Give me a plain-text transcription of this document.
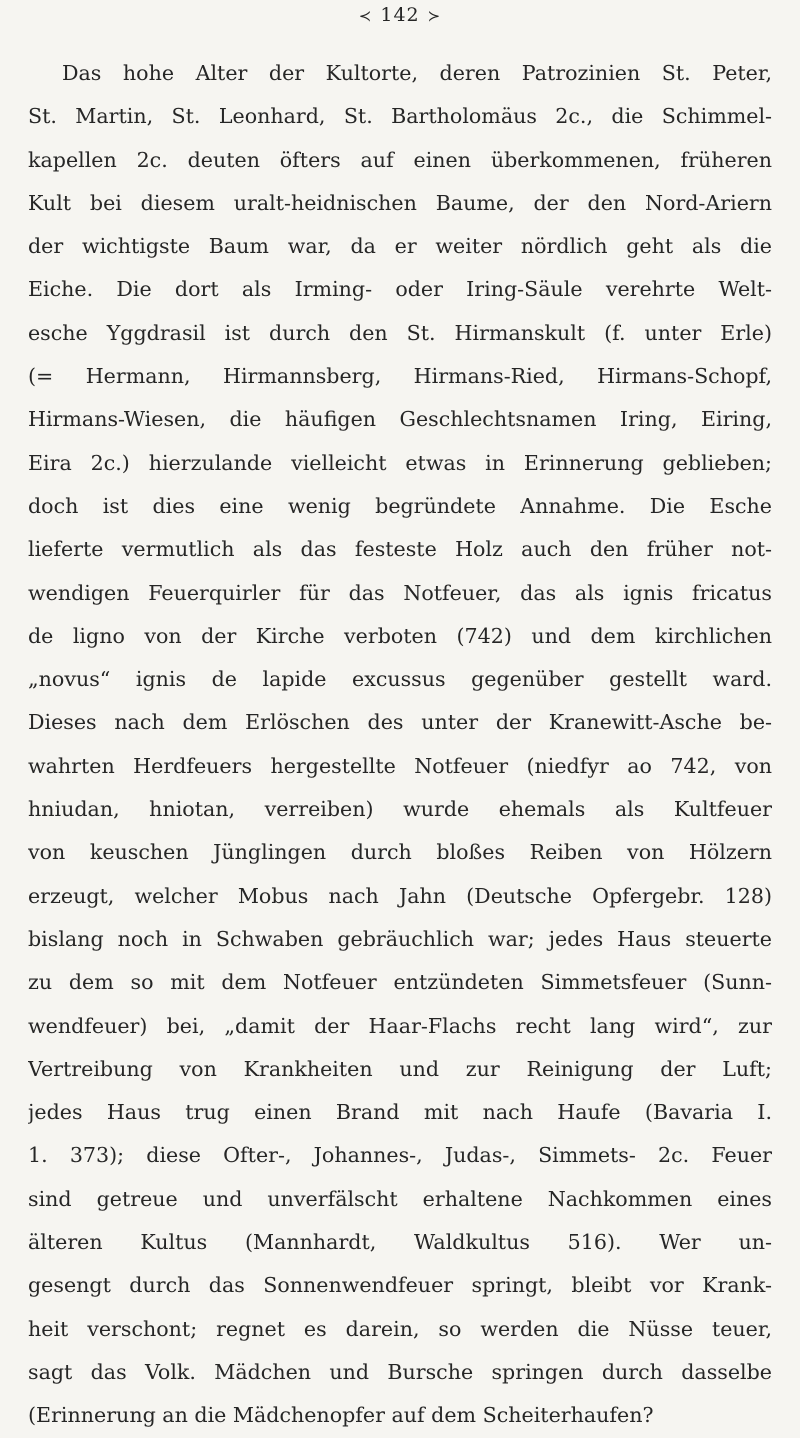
≺ 142 ≻
Das hohe Alter der Kultorte, deren Patrozinien St. Peter,
St. Martin, St. Leonhard, St. Bartholomäus 2c., die Schimmel-
kapellen 2c. deuten öfters auf einen überkommenen, früheren
Kult bei diesem uralt-heidnischen Baume, der den Nord-Ariern
der wichtigste Baum war, da er weiter nördlich geht als die
Eiche. Die dort als Irming- oder Iring-Säule verehrte Welt-
esche Yggdrasil ist durch den St. Hirmanskult (f. unter Erle)
(= Hermann, Hirmannsberg, Hirmans-Ried, Hirmans-Schopf,
Hirmans-Wiesen, die häufigen Geschlechtsnamen Iring, Eiring,
Eira 2c.) hierzulande vielleicht etwas in Erinnerung geblieben;
doch ist dies eine wenig begründete Annahme. Die Esche
lieferte vermutlich als das festeste Holz auch den früher not-
wendigen Feuerquirler für das Notfeuer, das als ignis fricatus
de ligno von der Kirche verboten (742) und dem kirchlichen
„novus“ ignis de lapide excussus gegenüber gestellt ward.
Dieses nach dem Erlöschen des unter der Kranewitt-Asche be-
wahrten Herdfeuers hergestellte Notfeuer (niedfyr ao 742, von
hniudan, hniotan, verreiben) wurde ehemals als Kultfeuer
von keuschen Jünglingen durch bloßes Reiben von Hölzern
erzeugt, welcher Mobus nach Jahn (Deutsche Opfergebr. 128)
bislang noch in Schwaben gebräuchlich war; jedes Haus steuerte
zu dem so mit dem Notfeuer entzündeten Simmetsfeuer (Sunn-
wendfeuer) bei, „damit der Haar-Flachs recht lang wird“, zur
Vertreibung von Krankheiten und zur Reinigung der Luft;
jedes Haus trug einen Brand mit nach Haufe (Bavaria I.
1. 373); diese Ofter-, Johannes-, Judas-, Simmets- 2c. Feuer
sind getreue und unverfälscht erhaltene Nachkommen eines
älteren Kultus (Mannhardt, Waldkultus 516). Wer un-
gesengt durch das Sonnenwendfeuer springt, bleibt vor Krank-
heit verschont; regnet es darein, so werden die Nüsse teuer,
sagt das Volk. Mädchen und Bursche springen durch dasselbe
(Erinnerung an die Mädchenopfer auf dem Scheiterhaufen?
